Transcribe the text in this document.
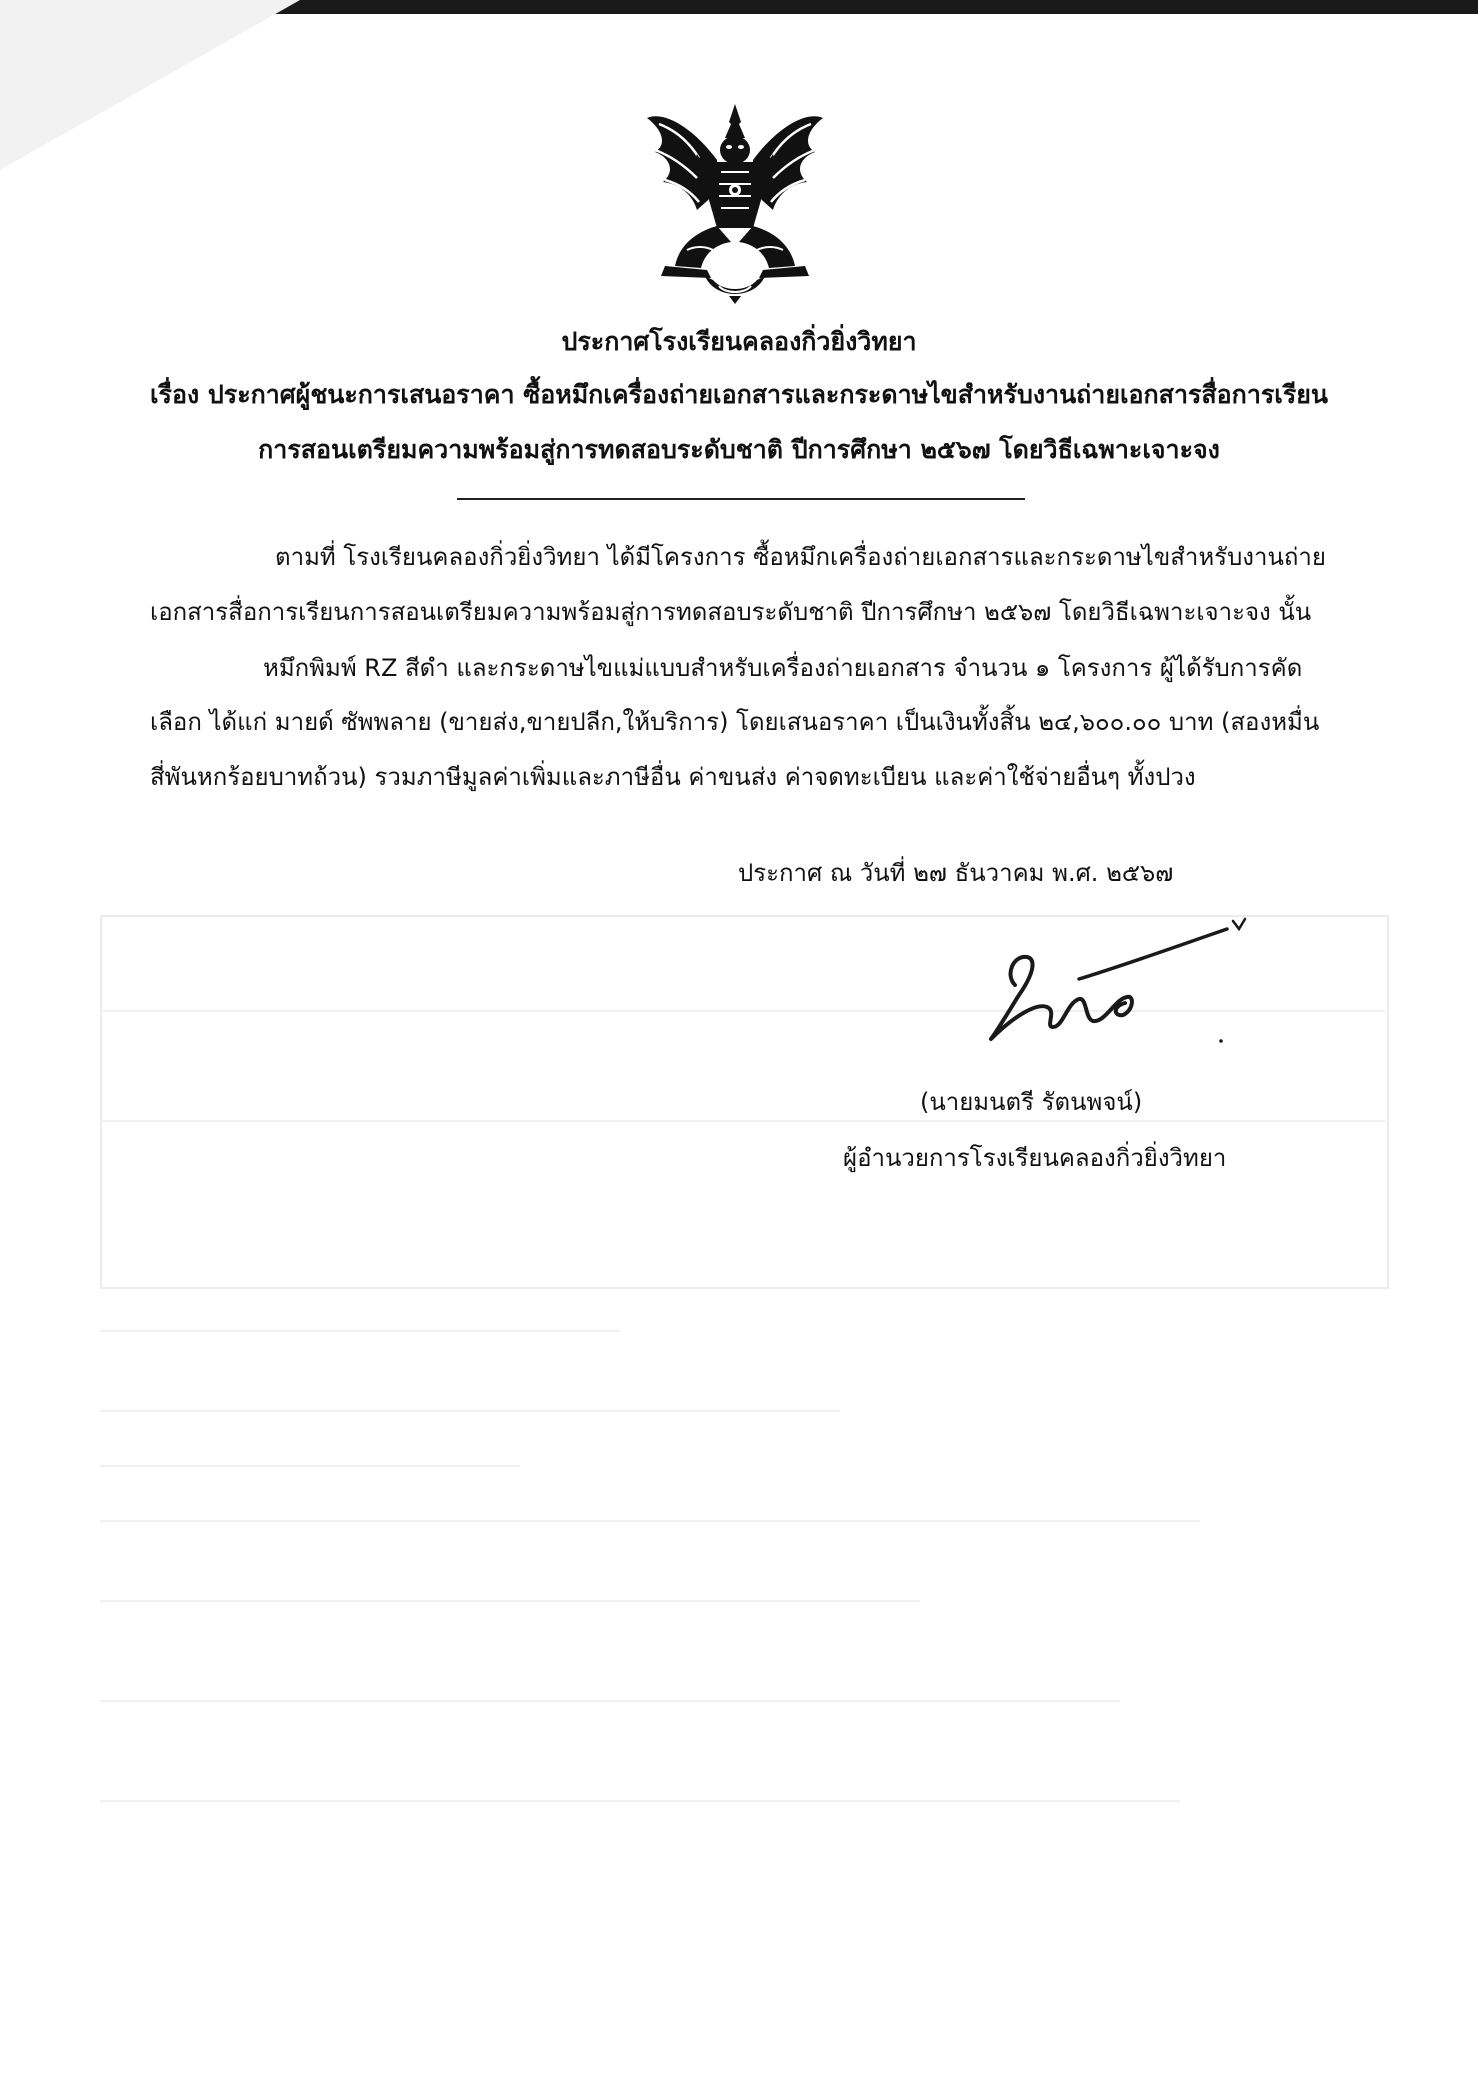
ประกาศโรงเรียนคลองกิ่วยิ่งวิทยา
เรื่อง ประกาศผู้ชนะการเสนอราคา ซื้อหมึกเครื่องถ่ายเอกสารและกระดาษไขสำหรับงานถ่ายเอกสารสื่อการเรียน
การสอนเตรียมความพร้อมสู่การทดสอบระดับชาติ ปีการศึกษา ๒๕๖๗ โดยวิธีเฉพาะเจาะจง
ตามที่ โรงเรียนคลองกิ่วยิ่งวิทยา ได้มีโครงการ ซื้อหมึกเครื่องถ่ายเอกสารและกระดาษไขสำหรับงานถ่าย
เอกสารสื่อการเรียนการสอนเตรียมความพร้อมสู่การทดสอบระดับชาติ ปีการศึกษา ๒๕๖๗ โดยวิธีเฉพาะเจาะจง นั้น
หมึกพิมพ์ RZ สีดำ และกระดาษไขแม่แบบสำหรับเครื่องถ่ายเอกสาร จำนวน ๑ โครงการ ผู้ได้รับการคัด
เลือก ได้แก่ มายด์ ซัพพลาย (ขายส่ง,ขายปลีก,ให้บริการ) โดยเสนอราคา เป็นเงินทั้งสิ้น ๒๔,๖๐๐.๐๐ บาท (สองหมื่น
สี่พันหกร้อยบาทถ้วน) รวมภาษีมูลค่าเพิ่มและภาษีอื่น ค่าขนส่ง ค่าจดทะเบียน และค่าใช้จ่ายอื่นๆ ทั้งปวง
ประกาศ ณ วันที่ ๒๗ ธันวาคม พ.ศ. ๒๕๖๗
(นายมนตรี รัตนพจน์)
ผู้อำนวยการโรงเรียนคลองกิ่วยิ่งวิทยา
